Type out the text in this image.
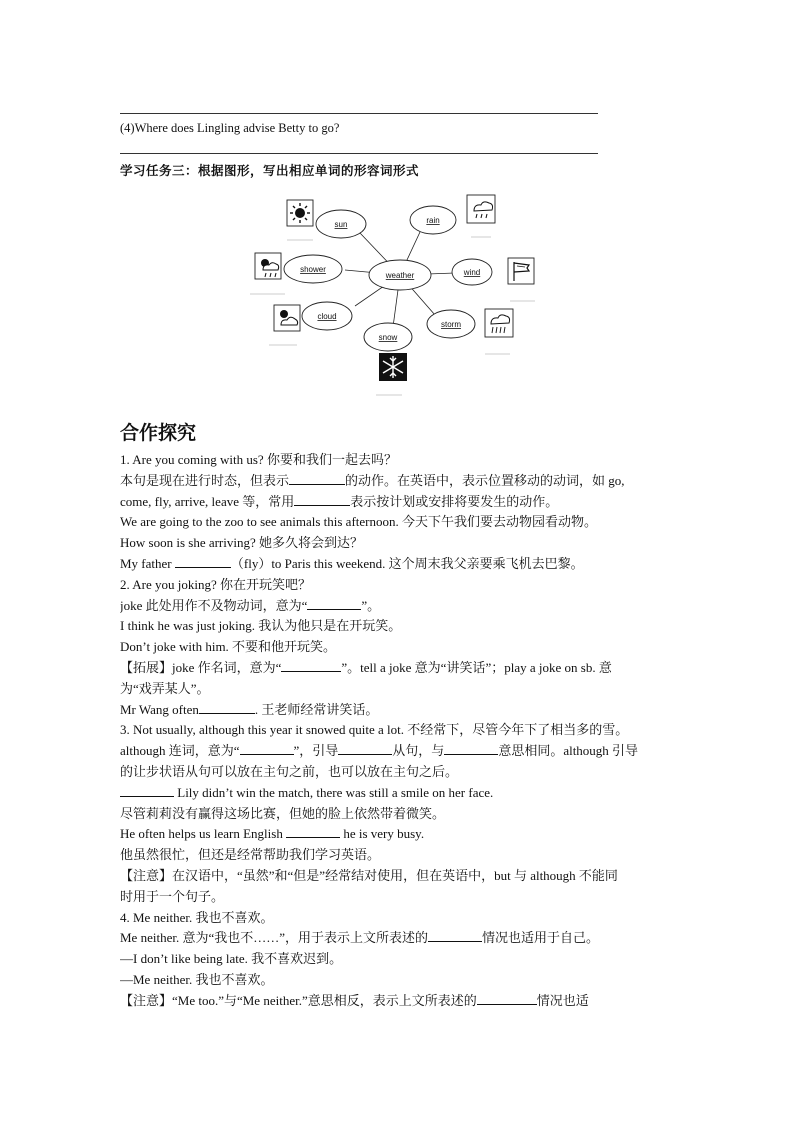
(4)Where does Lingling advise Betty to go?
学习任务三：根据图形，写出相应单词的形容词形式
weather
sun	rain
shower	wind
cloud
storm
snow
合作探究
1. Are you coming with us? 你要和我们一起去吗？
本句是现在进行时态，但表示	的动作。在英语中，表示位置移动的动词，如 go,
come, fly, arrive, leave 等，常用	表示按计划或安排将要发生的动作。
We are going to the zoo to see animals this afternoon. 今天下午我们要去动物园看动物。
How soon is she arriving? 她多久将会到达？
My father	（fly）to Paris this weekend. 这个周末我父亲要乘飞机去巴黎。
2. Are you joking? 你在开玩笑吧？
joke 此处用作不及物动词，意为“	”。
I think he was just joking. 我认为他只是在开玩笑。
Don’t joke with him. 不要和他开玩笑。
【拓展】joke 作名词，意为“	”。tell a joke 意为“讲笑话”；play a joke on sb. 意
为“戏弄某人”。
Mr Wang often	. 王老师经常讲笑话。
3. Not usually, although this year it snowed quite a lot. 不经常下，尽管今年下了相当多的雪。
although 连词，意为“	”，引导	从句，与	意思相同。although 引导
的让步状语从句可以放在主句之前，也可以放在主句之后。
Lily didn’t win the match, there was still a smile on her face.
尽管莉莉没有赢得这场比赛，但她的脸上依然带着微笑。
He often helps us learn English	he is very busy.
他虽然很忙，但还是经常帮助我们学习英语。
【注意】在汉语中，“虽然”和“但是”经常结对使用，但在英语中，but 与 although 不能同
时用于一个句子。
4. Me neither. 我也不喜欢。
Me neither. 意为“我也不……”，用于表示上文所表述的	情况也适用于自己。
—I don’t like being late. 我不喜欢迟到。
—Me neither. 我也不喜欢。
【注意】“Me too.”与“Me neither.”意思相反，表示上文所表述的	情况也适
